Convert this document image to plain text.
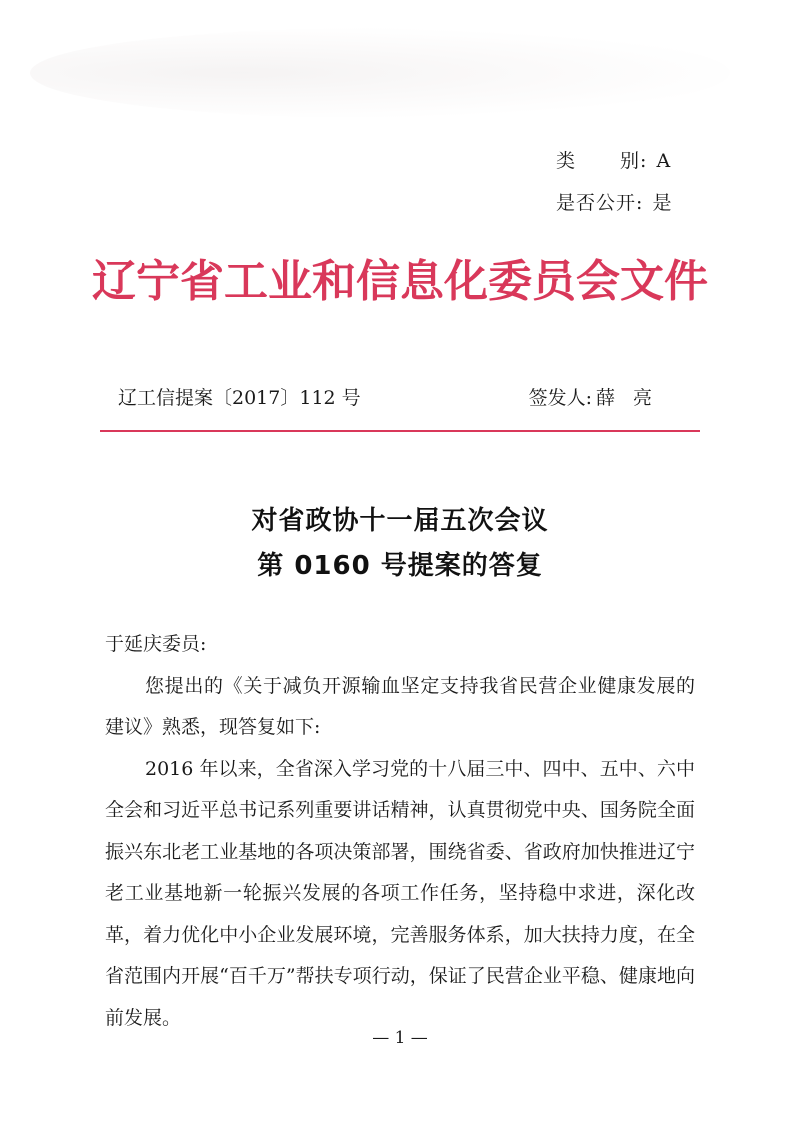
类 别: A
是否公开: 是
辽宁省工业和信息化委员会文件
辽工信提案〔2017〕112 号	签发人: 薛亮
对省政协十一届五次会议
第 0160 号提案的答复

于延庆委员:

您提出的《关于减负开源输血坚定支持我省民营企业健康发展的建议》熟悉，现答复如下:

2016 年以来，全省深入学习党的十八届三中、四中、五中、六中全会和习近平总书记系列重要讲话精神，认真贯彻党中央、国务院全面振兴东北老工业基地的各项决策部署，围绕省委、省政府加快推进辽宁老工业基地新一轮振兴发展的各项工作任务，坚持稳中求进，深化改革，着力优化中小企业发展环境，完善服务体系，加大扶持力度，在全省范围内开展“百千万”帮扶专项行动，保证了民营企业平稳、健康地向前发展。

— 1 —
